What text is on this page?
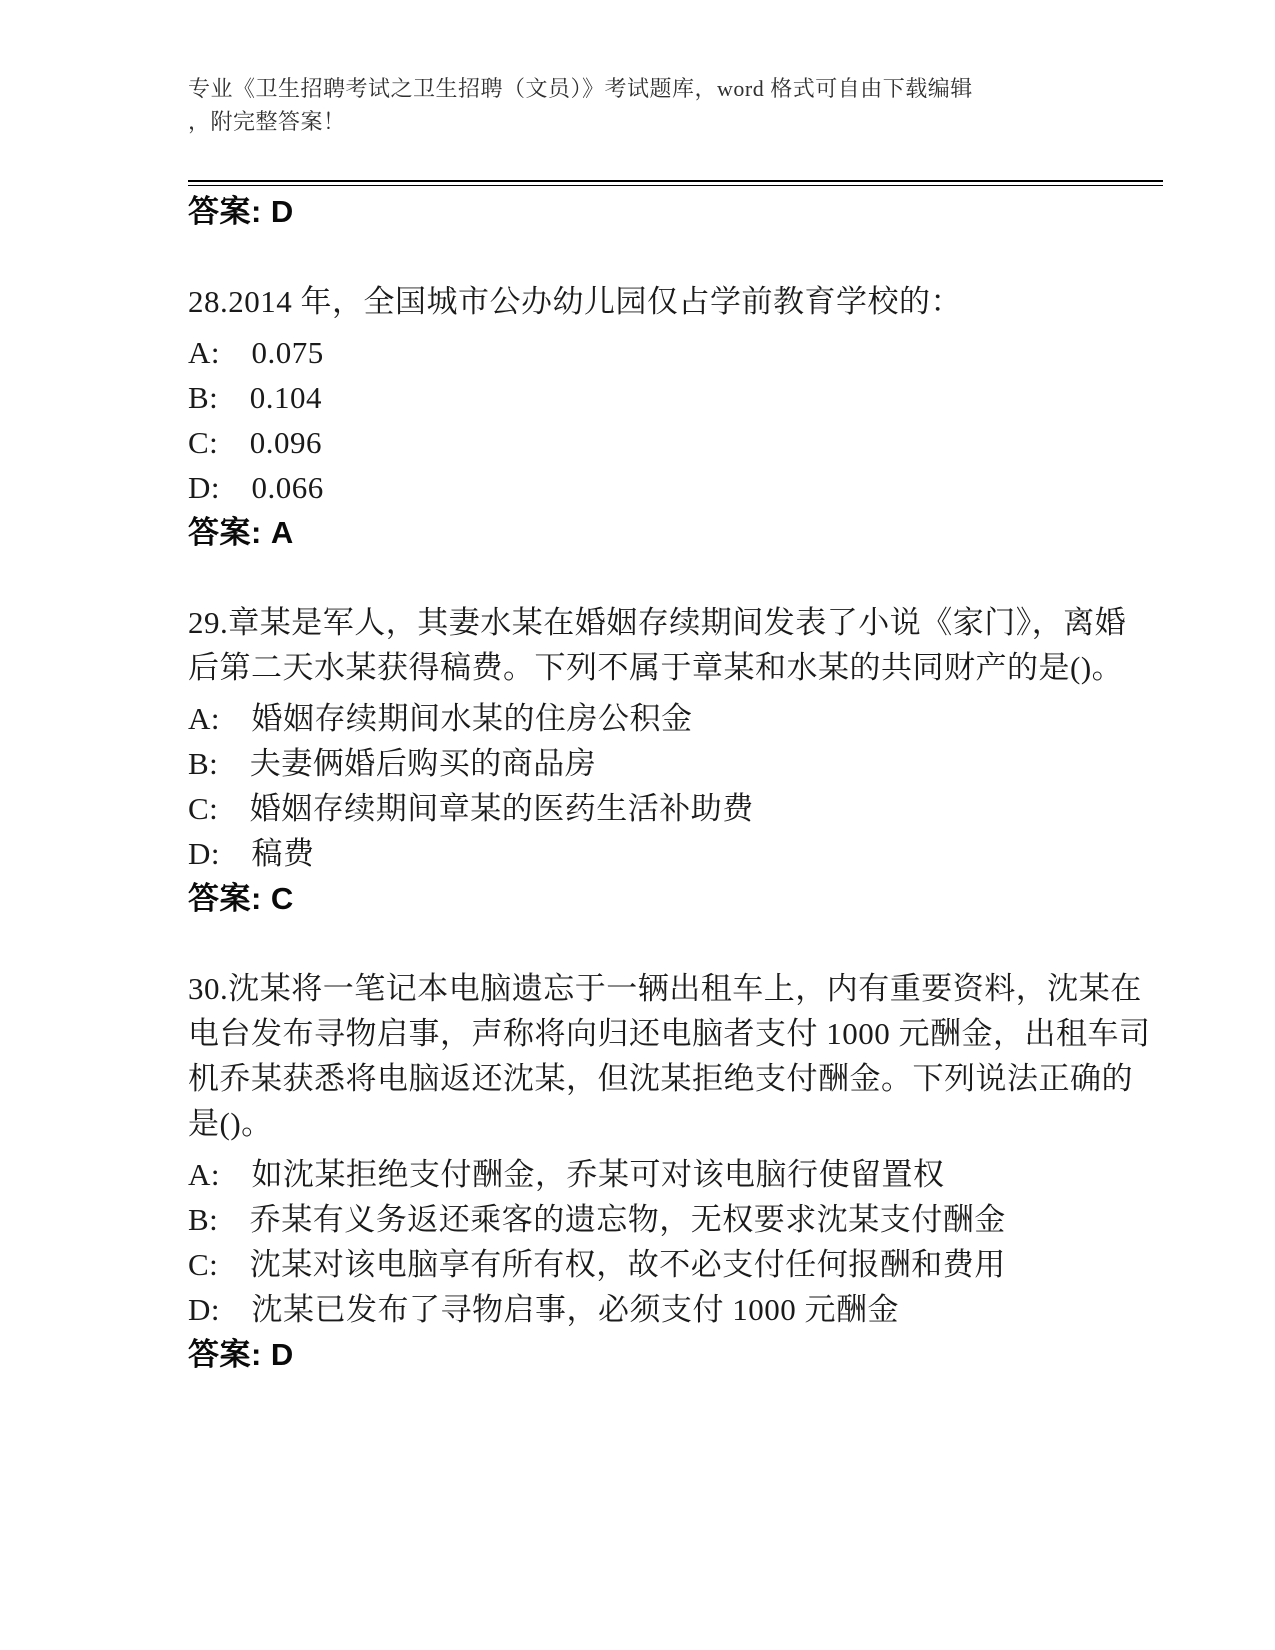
专业《卫生招聘考试之卫生招聘（文员）》考试题库，word 格式可自由下载编辑
，附完整答案！
答案: D
28.2014 年，全国城市公办幼儿园仅占学前教育学校的：
A:　0.075
B:　0.104
C:　0.096
D:　0.066
答案: A
29.章某是军人，其妻水某在婚姻存续期间发表了小说《家门》，离婚
后第二天水某获得稿费。下列不属于章某和水某的共同财产的是()。
A:　婚姻存续期间水某的住房公积金
B:　夫妻俩婚后购买的商品房
C:　婚姻存续期间章某的医药生活补助费
D:　稿费
答案: C
30.沈某将一笔记本电脑遗忘于一辆出租车上，内有重要资料，沈某在
电台发布寻物启事，声称将向归还电脑者支付 1000 元酬金，出租车司
机乔某获悉将电脑返还沈某，但沈某拒绝支付酬金。下列说法正确的
是()。
A:　如沈某拒绝支付酬金，乔某可对该电脑行使留置权
B:　乔某有义务返还乘客的遗忘物，无权要求沈某支付酬金
C:　沈某对该电脑享有所有权，故不必支付任何报酬和费用
D:　沈某已发布了寻物启事，必须支付 1000 元酬金
答案: D
